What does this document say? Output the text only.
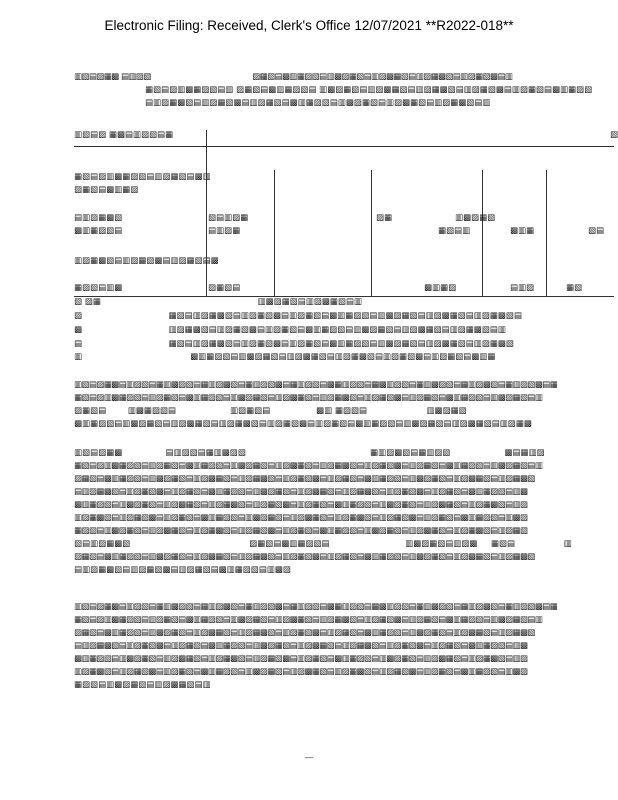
Electronic Filing: Received, Clerk's Office 12/07/2021 **R2022-018**
▥▧▤▨▦▩ ▤▥▨▧                                           ▨▦▧▤▩▥▦▨▧▤▥▩▨▦▧▤▥▨▩▦▧▤▥▨▦▩▧▤▥▨▦▧▩▤▥
▦▧▤▨▥▩▦▨▧▤▥ ▨▦▧▤▩▥▦▨▧▤ ▥▩▨▦▧▤▥▨▩▦▧▤▥▨▦▩▧▤▥▨▦▧▩▤▥▨▦▧▤▩▥▦▨▧
▤▥▨▦▩▧▤▥▨▦▧▩▤▥▨▦▧▤▩▥▦▨▧▤▥▩▨▦▧▤▥▨▩▦▧▤▥▨▦▩▧▤▥
▥▧▤▨ ▦▩▤▥▨▧▤▦	▧
▦▧▤▨▥▩▦▨▧▤▥▨▦▧▤▩▥
▨▦▧▤▩▥▦▨
▤▥▨▦▩▧	▧▤▥▨▦	▨▦	▥▩▨▦▧
▩▥▦▨▧▤	▤▥▨▦	▦▧▤▥	▩▥▦	▧▤
▥▨▦▩▧▤▥▨▦▧▩▤▥▨▦▧▤▩
▦▨▧▤▥▩	▨▦▧▤	▩▥▦▨	▤▥▨	▦▧
▧ ▨▦                                                          ▥▩▨▦▧▤▥▨▩▦▧▤▥
▨                                ▦▧▤▥▨▦▩▧▤▥▨▦▧▩▤▥▨▦▧▤▩▥▦▨▧▤▥▩▨▦▧▤▥▨▩▦▧▤▥▨▦▩▧▤
▩                                ▥▨▦▩▧▤▥▨▦▧▩▤▥▨▦▧▤▩▥▦▨▧▤▥▩▨▦▧▤▥▨▩▦▧▤▥▨▦▩▧▤▥
▤                                ▦▧▤▥▨▦▩▧▤▥▨▦▧▩▤▥▨▦▧▤▩▥▦▨▧▤▥▩▨▦▧▤▥▨▩▦▧▤▥▨▦▩▧
▥                                        ▩▥▦▨▧▤▥▩▨▦▧▤▥▨▩▦▧▤▥▨▦▩▧▤▥▨▦▧▩▤▥▨▦▧▤▩▥▦
▥▧▤▨▦▩▤▥▨▧▤▦▥▩▨▧▤▦▥▨▩▧▤▦▥▨▧▩▤▦▥▨▧▤▩▦▥▨▧▤▦▩▥▨▧▤▦▥▩▨▧▤▦▥▨▩▧▤▦▥▨▧▩▤▦
▦▧▤▨▥▩▦▨▧▤▥▨▦▧▤▩▥▦▨▧▤▥▩▨▦▧▤▥▨▩▦▧▤▥▨▦▩▧▤▥▨▦▧▩▤▥▨▦▧▤▩▥▦▨▧▤▥▩▨▦▧▤▥
▨▦▧▤        ▥▩▦▨▧▤                    ▥▨▦▧▤                 ▩▥ ▦▨▧▤                      ▥▩▨▦▧
▩▥▦▨▧▤▥▩▨▦▧▤▥▨▩▦▧▤▥▨▦▩▧▤▥▨▦▧▩▤▥▨▦▧▤▩▥▦▨▧▤▥▩▨▦▧▤▥▨▩▦▧▤▥▨▦▩
▥▧▤▨▦▩                ▤▥▨▧▤▦▥▩▨▧                                              ▦▥▨▩▧▤▦▥▨▧                    ▩▤▦▥▨
▦▧▤▨▥▩▦▨▧▤▥▨▦▧▤▩▥▦▨▧▤▥▩▨▦▧▤▥▨▩▦▧▤▥▨▦▩▧▤▥▨▦▧▩▤▥▨▦▧▤▩▥▦▨▧▤▥▩▨▦▧▤▥
▨▦▧▤▩▥▦▨▧▤▥▩▨▦▧▤▥▨▩▦▧▤▥▨▦▩▧▤▥▨▦▧▩▤▥▨▦▧▤▩▥▦▨▧▤▥▩▨▦▧▤▥▨▩▦▧▤▥▨▦▩▧
▤▥▨▦▩▧▤▥▨▦▧▩▤▥▨▦▧▤▩▥▦▨▧▤▥▩▨▦▧▤▥▨▩▦▧▤▥▨▦▩▧▤▥▨▦▧▩▤▥▨▦▧▤▩▥▦▨▧▤▥▩
▩▥▦▨▧▤▥▩▨▦▧▤▥▨▩▦▧▤▥▨▦▩▧▤▥▨▦▧▩▤▥▨▦▧▤▩▥▦▨▧▤▥▩▨▦▧▤▥▨▩▦▧▤▥▨▦▩▧▤▥▨
▥▨▦▩▧▤▥▨▦▧▩▤▥▨▦▧▤▩▥▦▨▧▤▥▩▨▦▧▤▥▨▩▦▧▤▥▨▦▩▧▤▥▨▦▧▩▤▥▨▦▧▤▩▥▦▨▧▤▥▩▨
▦▨▧▤▥▩▨▦▧▤▥▨▩▦▧▤▥▨▦▩▧▤▥▨▦▧▩▤▥▨▦▧▤▩▥▦▨▧▤▥▩▨▦▧▤▥▨▩▦▧▤▥▨▦▩▧▤▥▨▦▧
▧▤▥▨▦▩▧                                            ▨▦▧▤▩▥▦▨▧▤                            ▥▩▨▦▧▤▥▨▩     ▦▧▤                  ▥
▨▦▧▤▩▥▦▨▧▤▥▩▨▦▧▤▥▨▩▦▧▤▥▨▦▩▧▤▥▨▦▧▩▤▥▨▦▧▤▩▥▦▨▧▤▥▩▨▦▧▤▥▨▩▦▧▤▥▨▦▩▧
▤▥▨▦▩▧▤▥▨▦▧▩▤▥▨▦▧▤▩▥▦▨▧▤▥▩▨
▥▧▤▨▦▩▤▥▨▧▤▦▥▩▨▧▤▦▥▨▩▧▤▦▥▨▧▩▤▦▥▨▧▤▩▦▥▨▧▤▦▩▥▨▧▤▦▥▩▨▧▤▦▥▨▩▧▤▦▥▨▧▩▤▦
▦▧▤▨▥▩▦▨▧▤▥▨▦▧▤▩▥▦▨▧▤▥▩▨▦▧▤▥▨▩▦▧▤▥▨▦▩▧▤▥▨▦▧▩▤▥▨▦▧▤▩▥▦▨▧▤▥▩▨▦▧▤▥
▨▦▧▤▩▥▦▨▧▤▥▩▨▦▧▤▥▨▩▦▧▤▥▨▦▩▧▤▥▨▦▧▩▤▥▨▦▧▤▩▥▦▨▧▤▥▩▨▦▧▤▥▨▩▦▧▤▥▨▦▩▧
▤▥▨▦▩▧▤▥▨▦▧▩▤▥▨▦▧▤▩▥▦▨▧▤▥▩▨▦▧▤▥▨▩▦▧▤▥▨▦▩▧▤▥▨▦▧▩▤▥▨▦▧▤▩▥▦▨▧▤▥▩
▩▥▦▨▧▤▥▩▨▦▧▤▥▨▩▦▧▤▥▨▦▩▧▤▥▨▦▧▩▤▥▨▦▧▤▩▥▦▨▧▤▥▩▨▦▧▤▥▨▩▦▧▤▥▨▦▩▧▤▥▨
▥▨▦▩▧▤▥▨▦▧▩▤▥▨▦▧▤▩▥▦▨▧▤▥▩▨▦▧▤▥▨▩▦▧▤▥▨▦▩▧▤▥▨▦▧▩▤▥▨▦▧▤▩▥▦▨▧▤▥▩▨
▦▨▧▤▥▩▨▦▧▤▥▨▩▦▧▤▥
—
